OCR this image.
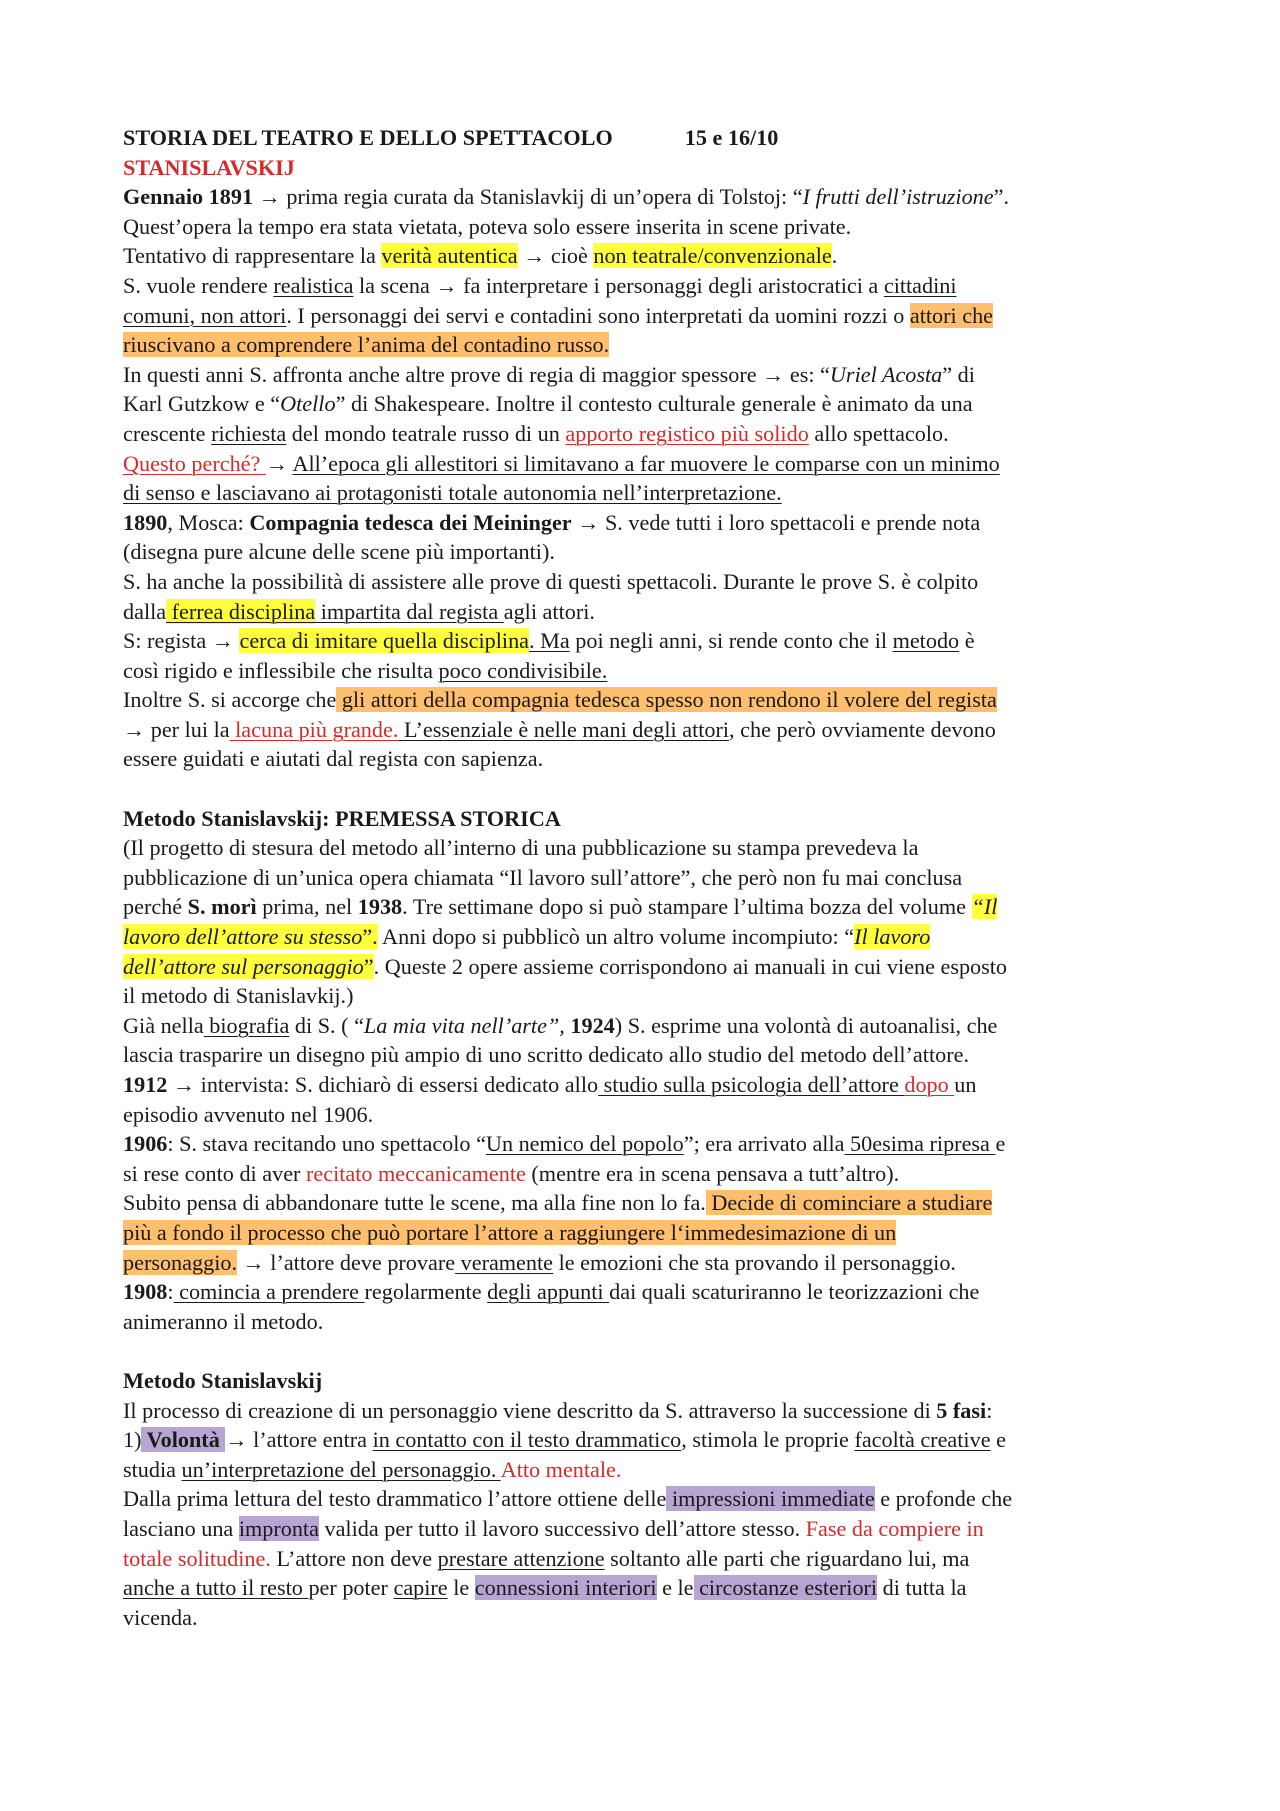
STORIA DEL TEATRO E DELLO SPETTACOLO	15 e 16/10
STANISLAVSKIJ
Gennaio 1891 → prima regia curata da Stanislavkij di un’opera di Tolstoj: “I frutti dell’istruzione”.
Quest’opera la tempo era stata vietata, poteva solo essere inserita in scene private.
Tentativo di rappresentare la verità autentica → cioè non teatrale/convenzionale.
S. vuole rendere realistica la scena → fa interpretare i personaggi degli aristocratici a cittadini
comuni, non attori. I personaggi dei servi e contadini sono interpretati da uomini rozzi o attori che
riuscivano a comprendere l’anima del contadino russo.
In questi anni S. affronta anche altre prove di regia di maggior spessore → es: “Uriel Acosta” di
Karl Gutzkow e “Otello” di Shakespeare. Inoltre il contesto culturale generale è animato da una
crescente richiesta del mondo teatrale russo di un apporto registico più solido allo spettacolo.
Questo perché? → All’epoca gli allestitori si limitavano a far muovere le comparse con un minimo
di senso e lasciavano ai protagonisti totale autonomia nell’interpretazione.
1890, Mosca: Compagnia tedesca dei Meininger → S. vede tutti i loro spettacoli e prende nota
(disegna pure alcune delle scene più importanti).
S. ha anche la possibilità di assistere alle prove di questi spettacoli. Durante le prove S. è colpito
dalla ferrea disciplina impartita dal regista agli attori.
S: regista → cerca di imitare quella disciplina. Ma poi negli anni, si rende conto che il metodo è
così rigido e inflessibile che risulta poco condivisibile.
Inoltre S. si accorge che gli attori della compagnia tedesca spesso non rendono il volere del regista
→ per lui la lacuna più grande. L’essenziale è nelle mani degli attori, che però ovviamente devono
essere guidati e aiutati dal regista con sapienza.
Metodo Stanislavskij: PREMESSA STORICA
(Il progetto di stesura del metodo all’interno di una pubblicazione su stampa prevedeva la
pubblicazione di un’unica opera chiamata “Il lavoro sull’attore”, che però non fu mai conclusa
perché S. morì prima, nel 1938. Tre settimane dopo si può stampare l’ultima bozza del volume “Il
lavoro dell’attore su stesso”. Anni dopo si pubblicò un altro volume incompiuto: “Il lavoro
dell’attore sul personaggio”. Queste 2 opere assieme corrispondono ai manuali in cui viene esposto
il metodo di Stanislavkij.)
Già nella biografia di S. ( “La mia vita nell’arte”, 1924) S. esprime una volontà di autoanalisi, che
lascia trasparire un disegno più ampio di uno scritto dedicato allo studio del metodo dell’attore.
1912 → intervista: S. dichiarò di essersi dedicato allo studio sulla psicologia dell’attore dopo un
episodio avvenuto nel 1906.
1906: S. stava recitando uno spettacolo “Un nemico del popolo”; era arrivato alla 50esima ripresa e
si rese conto di aver recitato meccanicamente (mentre era in scena pensava a tutt’altro).
Subito pensa di abbandonare tutte le scene, ma alla fine non lo fa. Decide di cominciare a studiare
più a fondo il processo che può portare l’attore a raggiungere l‘immedesimazione di un
personaggio. → l’attore deve provare veramente le emozioni che sta provando il personaggio.
1908: comincia a prendere regolarmente degli appunti dai quali scaturiranno le teorizzazioni che
animeranno il metodo.
Metodo Stanislavskij
Il processo di creazione di un personaggio viene descritto da S. attraverso la successione di 5 fasi:
1) Volontà → l’attore entra in contatto con il testo drammatico, stimola le proprie facoltà creative e
studia un’interpretazione del personaggio. Atto mentale.
Dalla prima lettura del testo drammatico l’attore ottiene delle impressioni immediate e profonde che
lasciano una impronta valida per tutto il lavoro successivo dell’attore stesso. Fase da compiere in
totale solitudine. L’attore non deve prestare attenzione soltanto alle parti che riguardano lui, ma
anche a tutto il resto per poter capire le connessioni interiori e le circostanze esteriori di tutta la
vicenda.
